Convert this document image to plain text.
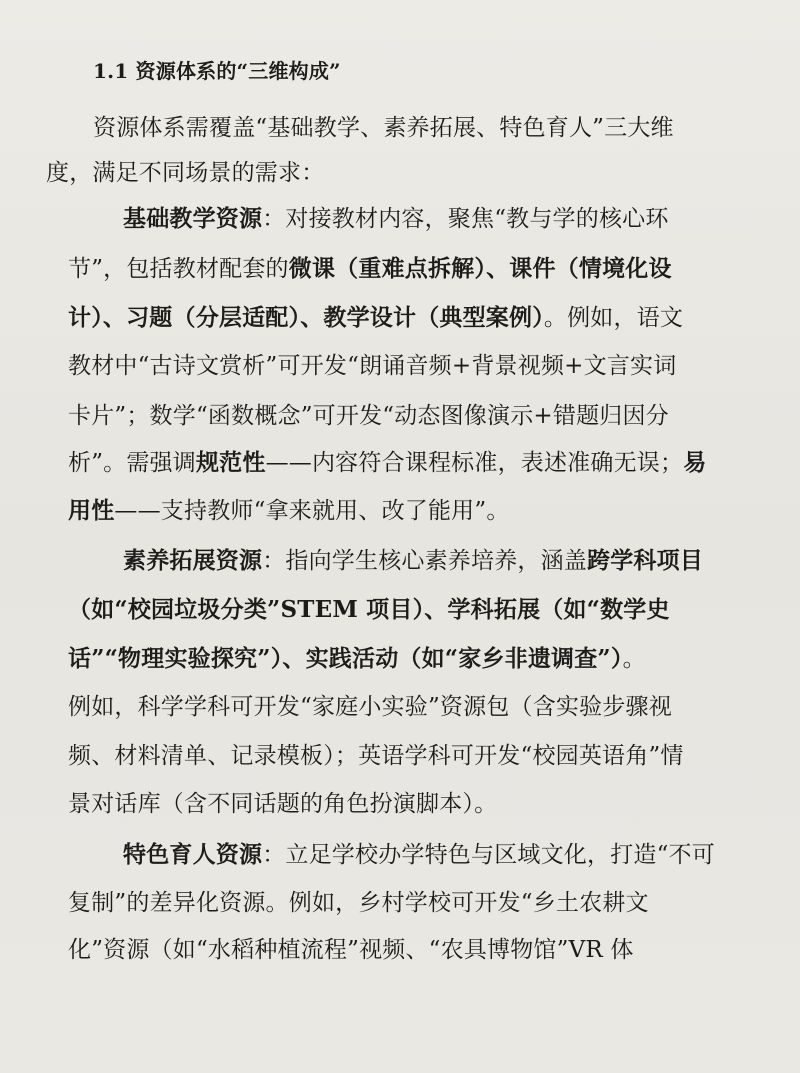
1.1 资源体系的“三维构成”
资源体系需覆盖“基础教学、素养拓展、特色育人”三大维
度，满足不同场景的需求：
基础教学资源：对接教材内容，聚焦“教与学的核心环
节”，包括教材配套的微课（重难点拆解）、课件（情境化设
计）、习题（分层适配）、教学设计（典型案例）。例如，语文
教材中“古诗文赏析”可开发“朗诵音频+背景视频+文言实词
卡片”；数学“函数概念”可开发“动态图像演示+错题归因分
析”。需强调规范性——内容符合课程标准，表述准确无误；易
用性——支持教师“拿来就用、改了能用”。
素养拓展资源：指向学生核心素养培养，涵盖跨学科项目
（如“校园垃圾分类”STEM 项目）、学科拓展（如“数学史
话”“物理实验探究”）、实践活动（如“家乡非遗调查”）。
例如，科学学科可开发“家庭小实验”资源包（含实验步骤视
频、材料清单、记录模板）；英语学科可开发“校园英语角”情
景对话库（含不同话题的角色扮演脚本）。
特色育人资源：立足学校办学特色与区域文化，打造“不可
复制”的差异化资源。例如，乡村学校可开发“乡土农耕文
化”资源（如“水稻种植流程”视频、“农具博物馆”VR 体
